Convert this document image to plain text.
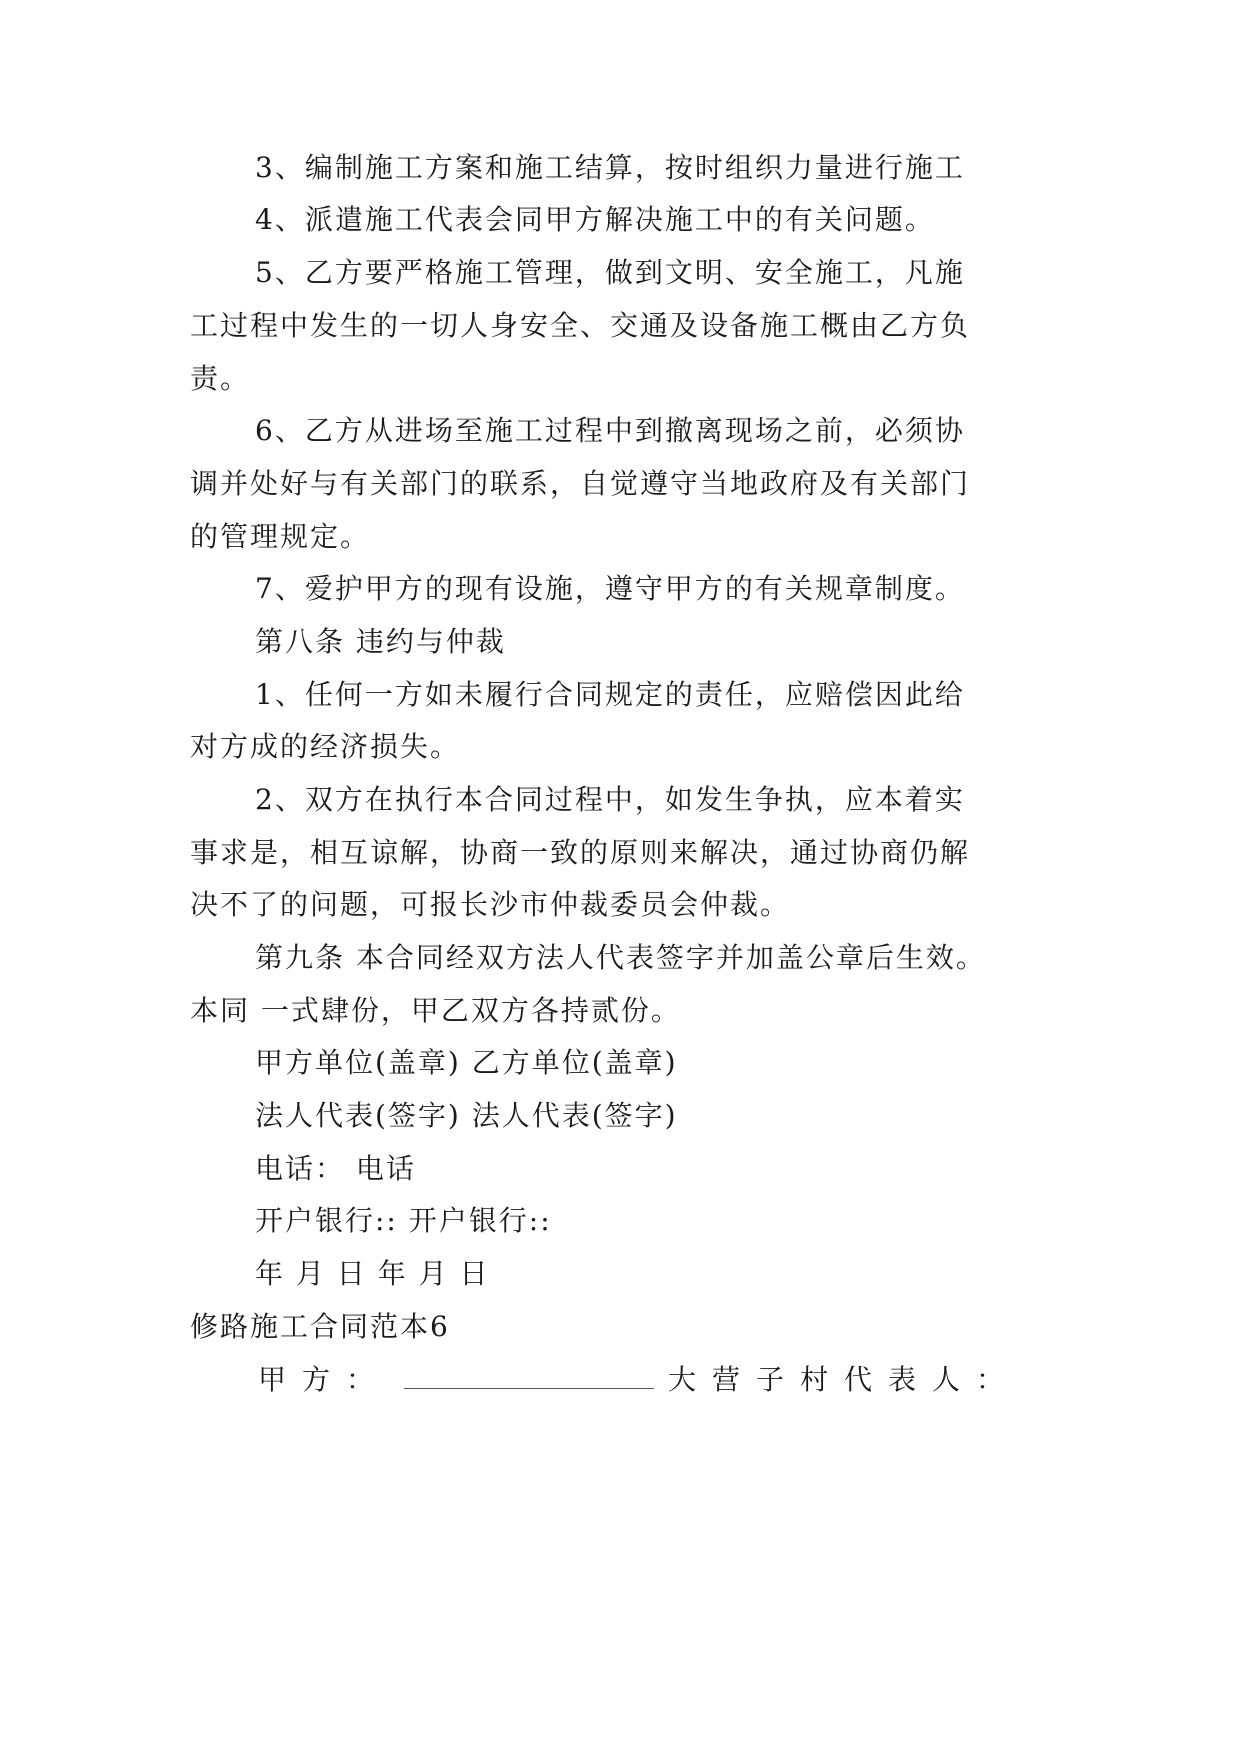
3、编制施工方案和施工结算，按时组织力量进行施工
4、派遣施工代表会同甲方解决施工中的有关问题。
5、乙方要严格施工管理，做到文明、安全施工，凡施
工过程中发生的一切人身安全、交通及设备施工概由乙方负
责。
6、乙方从进场至施工过程中到撤离现场之前，必须协
调并处好与有关部门的联系，自觉遵守当地政府及有关部门
的管理规定。
7、爱护甲方的现有设施，遵守甲方的有关规章制度。
第八条 违约与仲裁
1、任何一方如未履行合同规定的责任，应赔偿因此给
对方成的经济损失。
2、双方在执行本合同过程中，如发生争执，应本着实
事求是，相互谅解，协商一致的原则来解决，通过协商仍解
决不了的问题，可报长沙市仲裁委员会仲裁。
第九条 本合同经双方法人代表签字并加盖公章后生效。
本同 一式肆份，甲乙双方各持贰份。
甲方单位(盖章) 乙方单位(盖章)
法人代表(签字) 法人代表(签字)
电话： 电话
开户银行:: 开户银行::
年 月 日 年 月 日
修路施工合同范本6
甲方：	大营子村代表人：
